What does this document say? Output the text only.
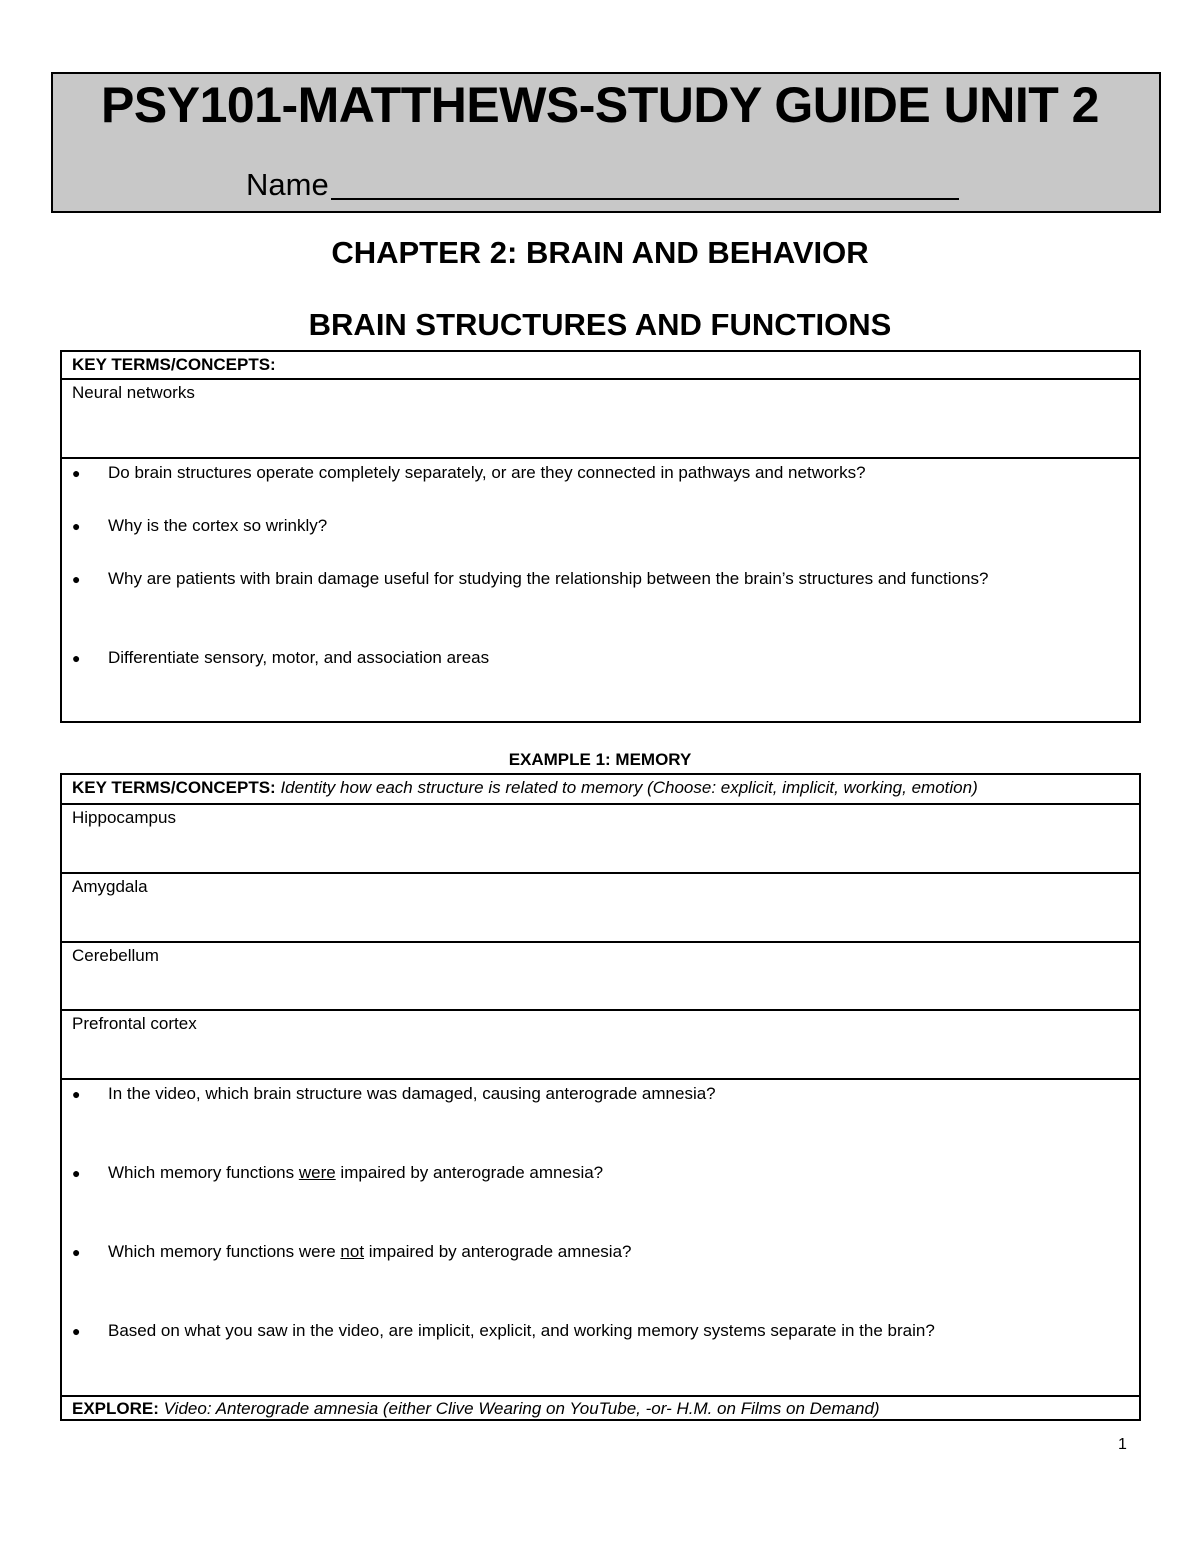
PSY101-MATTHEWS-STUDY GUIDE UNIT 2
Name
CHAPTER 2: BRAIN AND BEHAVIOR
BRAIN STRUCTURES AND FUNCTIONS
KEY TERMS/CONCEPTS:
Neural networks
●	Do brain structures operate completely separately, or are they connected in pathways and networks?
●	Why is the cortex so wrinkly?
●	Why are patients with brain damage useful for studying the relationship between the brain’s structures and functions?
●	Differentiate sensory, motor, and association areas
EXAMPLE 1: MEMORY
KEY TERMS/CONCEPTS: Identity how each structure is related to memory (Choose: explicit, implicit, working, emotion)
Hippocampus
Amygdala
Cerebellum
Prefrontal cortex
●	In the video, which brain structure was damaged, causing anterograde amnesia?
●	Which memory functions were impaired by anterograde amnesia?
●	Which memory functions were not impaired by anterograde amnesia?
●	Based on what you saw in the video, are implicit, explicit, and working memory systems separate in the brain?
EXPLORE: Video: Anterograde amnesia (either Clive Wearing on YouTube, -or- H.M. on Films on Demand)
1
